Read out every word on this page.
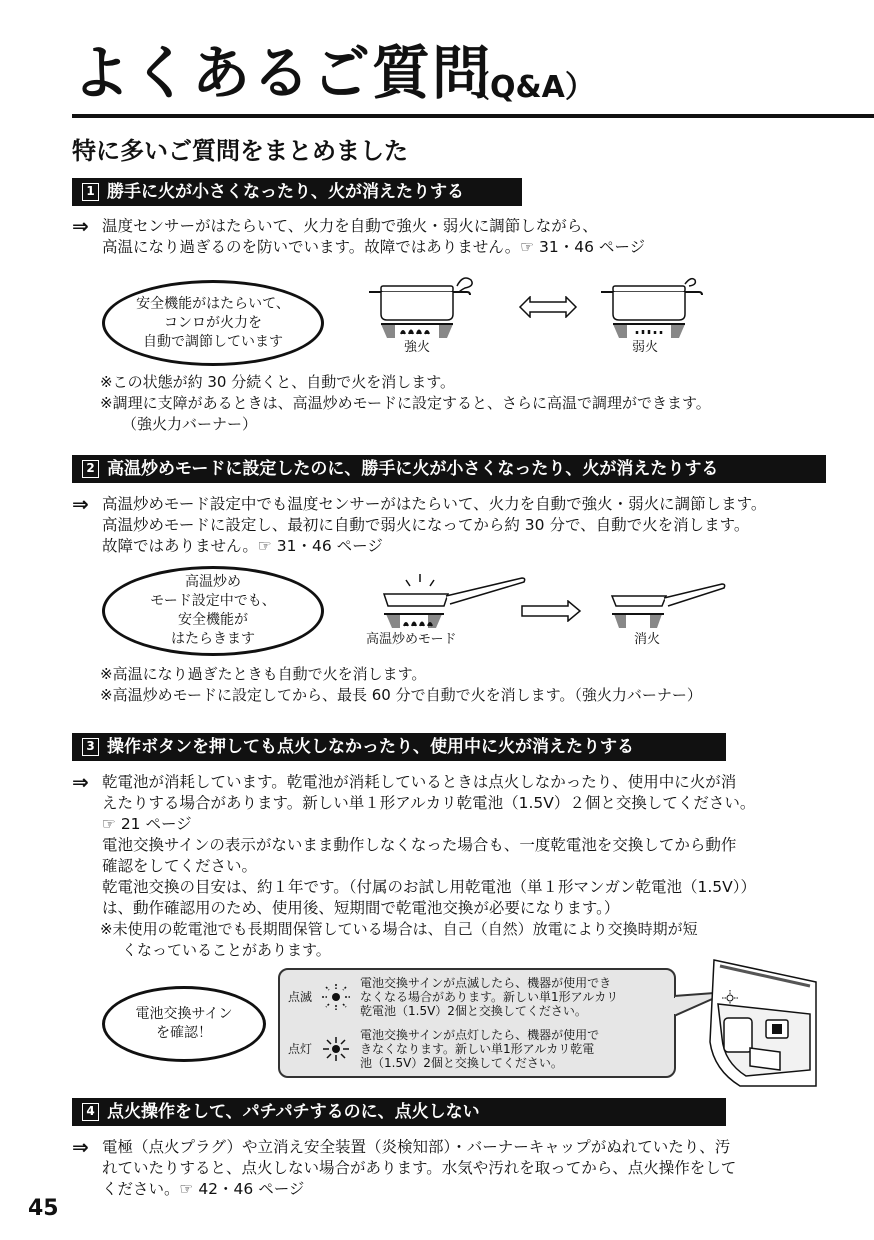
よくあるご質問
（Q&A）
特に多いご質問をまとめました
1 勝手に火が小さくなったり、火が消えたりする
⇒ 温度センサーがはたらいて、火力を自動で強火・弱火に調節しながら、
高温になり過ぎるのを防いでいます。故障ではありません。☞ 31・46 ページ
安全機能がはたらいて、
コンロが火力を
自動で調節しています	強火	弱火
※この状態が約 30 分続くと、自動で火を消します。
※調理に支障があるときは、高温炒めモードに設定すると、さらに高温で調理ができます。
（強火力バーナー）
2 高温炒めモードに設定したのに、勝手に火が小さくなったり、火が消えたりする
⇒ 高温炒めモード設定中でも温度センサーがはたらいて、火力を自動で強火・弱火に調節します。
高温炒めモードに設定し、最初に自動で弱火になってから約 30 分で、自動で火を消します。
故障ではありません。☞ 31・46 ページ
高温炒め
モード設定中でも、
安全機能が
はたらきます	高温炒めモード	消火
※高温になり過ぎたときも自動で火を消します。
※高温炒めモードに設定してから、最長 60 分で自動で火を消します。（強火力バーナー）
3 操作ボタンを押しても点火しなかったり、使用中に火が消えたりする
⇒ 乾電池が消耗しています。乾電池が消耗しているときは点火しなかったり、使用中に火が消
えたりする場合があります。新しい単１形アルカリ乾電池（1.5V）２個と交換してください。
☞ 21 ページ
電池交換サインの表示がないまま動作しなくなった場合も、一度乾電池を交換してから動作
確認をしてください。
乾電池交換の目安は、約１年です。（付属のお試し用乾電池（単１形マンガン乾電池（1.5V））
は、動作確認用のため、使用後、短期間で乾電池交換が必要になります。）
※未使用の乾電池でも長期間保管している場合は、自己（自然）放電により交換時期が短
くなっていることがあります。
電池交換サイン
を確認！
点滅
電池交換サインが点滅したら、機器が使用でき
なくなる場合があります。新しい単1形アルカリ
乾電池（1.5V）2個と交換してください。
点灯
電池交換サインが点灯したら、機器が使用で
きなくなります。新しい単1形アルカリ乾電
池（1.5V）2個と交換してください。
4 点火操作をして、パチパチするのに、点火しない
⇒ 電極（点火プラグ）や立消え安全装置（炎検知部）・バーナーキャップがぬれていたり、汚
れていたりすると、点火しない場合があります。水気や汚れを取ってから、点火操作をして
ください。☞ 42・46 ページ
45
